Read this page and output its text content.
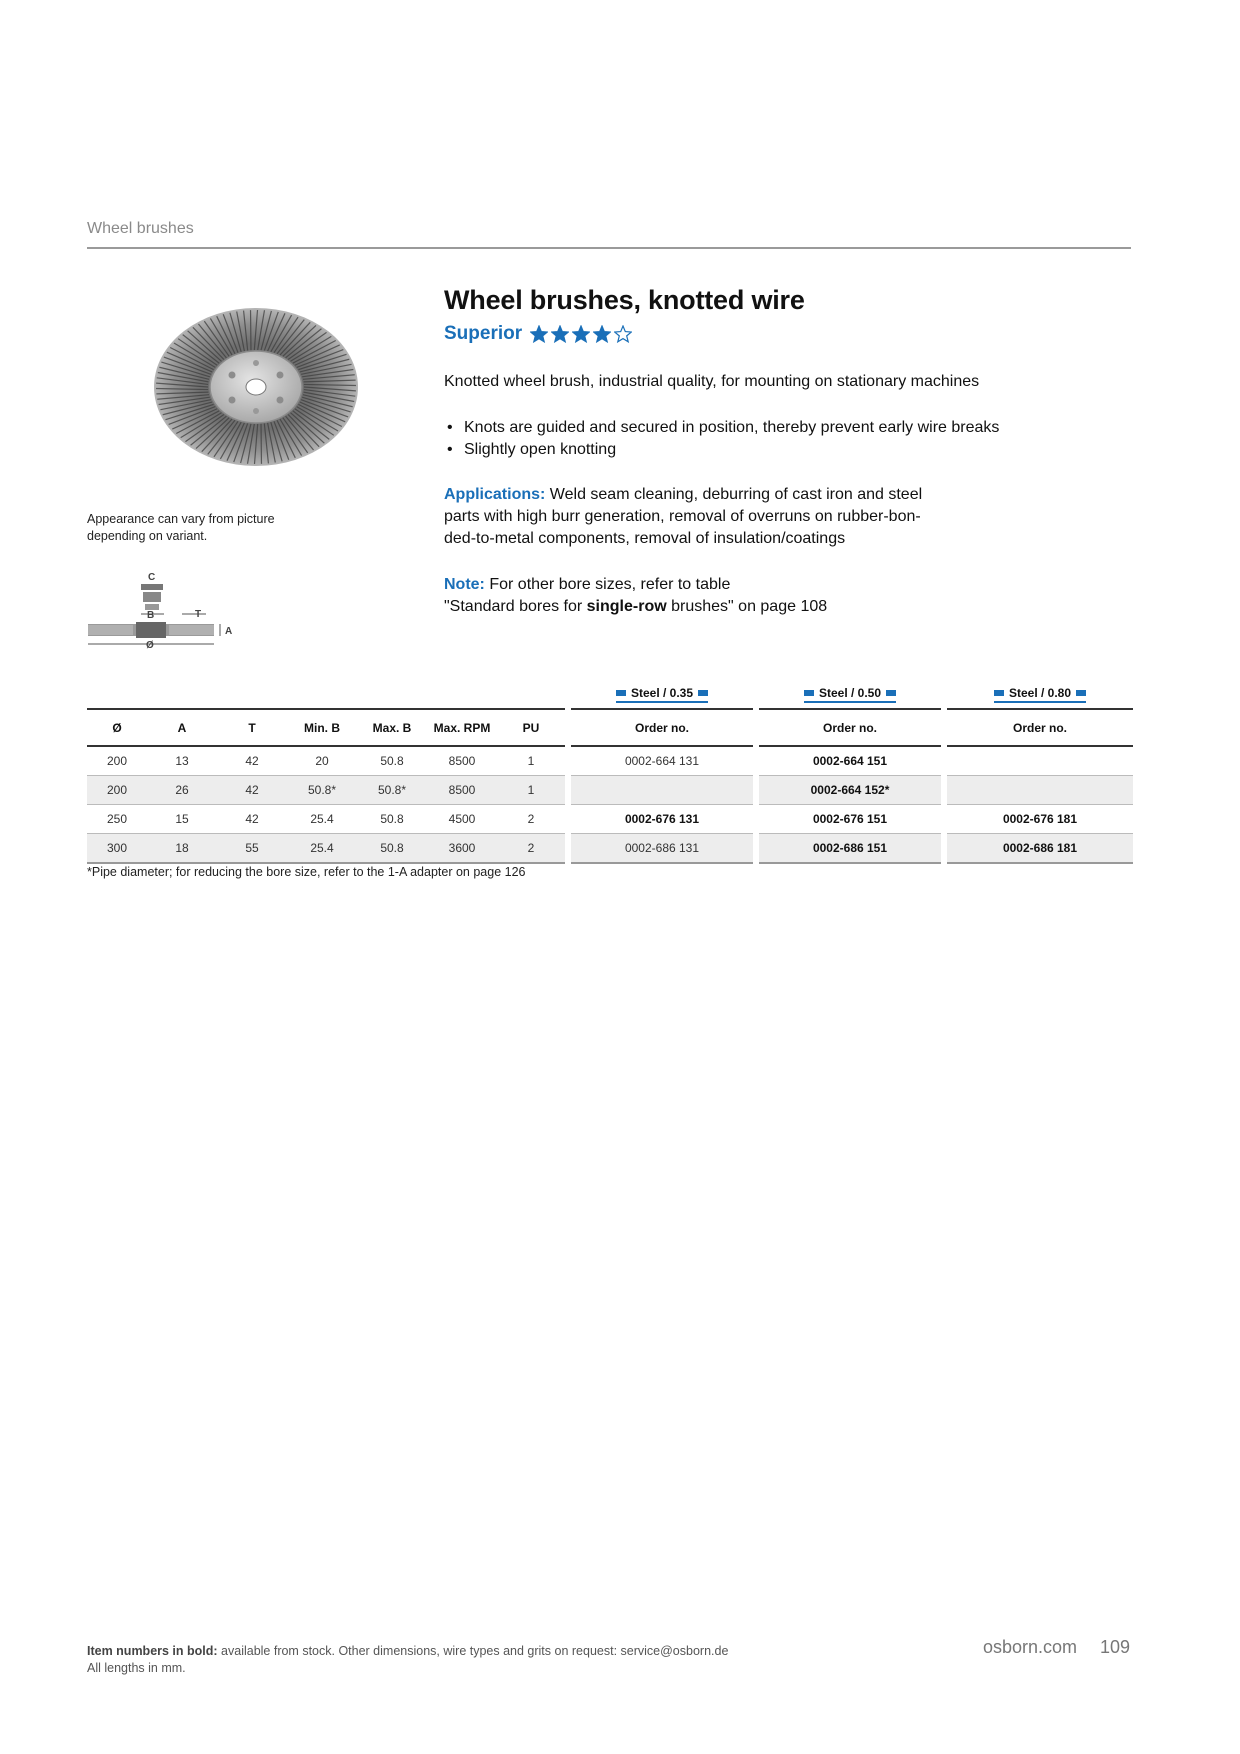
Wheel brushes
Appearance can vary from picture depending on variant.
C
B	T
Ø
A
Wheel brushes, knotted wire
Superior
Knotted wheel brush, industrial quality, for mounting on stationary machines
• Knots are guided and secured in position, thereby prevent early wire breaks
• Slightly open knotting
Applications: Weld seam cleaning, deburring of cast iron and steel
parts with high burr generation, removal of overruns on rubber-bon-
ded-to-metal components, removal of insulation/coatings
Note: For other bore sizes, refer to table
"Standard bores for single-row brushes" on page 108

								Steel / 0.35		Steel / 0.50		Steel / 0.80

Ø	A	T	Min. B	Max. B	Max. RPM	PU		Order no.		Order no.		Order no.
200	13	42	20	50.8	8500	1		0002-664 131		0002-664 151		
200	26	42	50.8*	50.8*	8500	1				0002-664 152*		
250	15	42	25.4	50.8	4500	2		0002-676 131		0002-676 151		0002-676 181
300	18	55	25.4	50.8	3600	2		0002-686 131		0002-686 151		0002-686 181
*Pipe diameter; for reducing the bore size, refer to the 1-A adapter on page 126
Item numbers in bold: available from stock. Other dimensions, wire types and grits on request: service@osborn.de
All lengths in mm.
osborn.com 109
